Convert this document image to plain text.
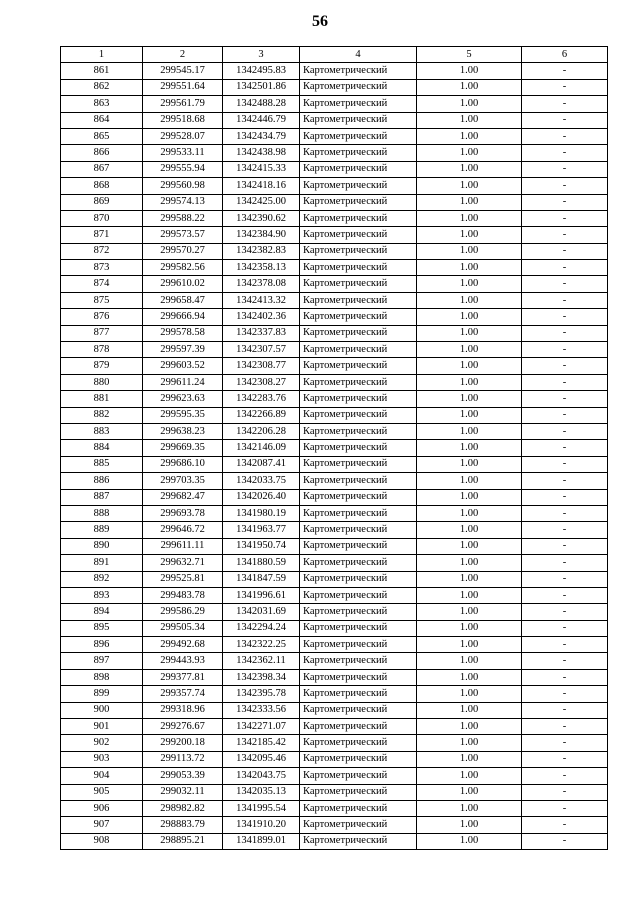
56
1	2	3	4	5	6
861	299545.17	1342495.83	Картометрический	1.00	-
862	299551.64	1342501.86	Картометрический	1.00	-
863	299561.79	1342488.28	Картометрический	1.00	-
864	299518.68	1342446.79	Картометрический	1.00	-
865	299528.07	1342434.79	Картометрический	1.00	-
866	299533.11	1342438.98	Картометрический	1.00	-
867	299555.94	1342415.33	Картометрический	1.00	-
868	299560.98	1342418.16	Картометрический	1.00	-
869	299574.13	1342425.00	Картометрический	1.00	-
870	299588.22	1342390.62	Картометрический	1.00	-
871	299573.57	1342384.90	Картометрический	1.00	-
872	299570.27	1342382.83	Картометрический	1.00	-
873	299582.56	1342358.13	Картометрический	1.00	-
874	299610.02	1342378.08	Картометрический	1.00	-
875	299658.47	1342413.32	Картометрический	1.00	-
876	299666.94	1342402.36	Картометрический	1.00	-
877	299578.58	1342337.83	Картометрический	1.00	-
878	299597.39	1342307.57	Картометрический	1.00	-
879	299603.52	1342308.77	Картометрический	1.00	-
880	299611.24	1342308.27	Картометрический	1.00	-
881	299623.63	1342283.76	Картометрический	1.00	-
882	299595.35	1342266.89	Картометрический	1.00	-
883	299638.23	1342206.28	Картометрический	1.00	-
884	299669.35	1342146.09	Картометрический	1.00	-
885	299686.10	1342087.41	Картометрический	1.00	-
886	299703.35	1342033.75	Картометрический	1.00	-
887	299682.47	1342026.40	Картометрический	1.00	-
888	299693.78	1341980.19	Картометрический	1.00	-
889	299646.72	1341963.77	Картометрический	1.00	-
890	299611.11	1341950.74	Картометрический	1.00	-
891	299632.71	1341880.59	Картометрический	1.00	-
892	299525.81	1341847.59	Картометрический	1.00	-
893	299483.78	1341996.61	Картометрический	1.00	-
894	299586.29	1342031.69	Картометрический	1.00	-
895	299505.34	1342294.24	Картометрический	1.00	-
896	299492.68	1342322.25	Картометрический	1.00	-
897	299443.93	1342362.11	Картометрический	1.00	-
898	299377.81	1342398.34	Картометрический	1.00	-
899	299357.74	1342395.78	Картометрический	1.00	-
900	299318.96	1342333.56	Картометрический	1.00	-
901	299276.67	1342271.07	Картометрический	1.00	-
902	299200.18	1342185.42	Картометрический	1.00	-
903	299113.72	1342095.46	Картометрический	1.00	-
904	299053.39	1342043.75	Картометрический	1.00	-
905	299032.11	1342035.13	Картометрический	1.00	-
906	298982.82	1341995.54	Картометрический	1.00	-
907	298883.79	1341910.20	Картометрический	1.00	-
908	298895.21	1341899.01	Картометрический	1.00	-
